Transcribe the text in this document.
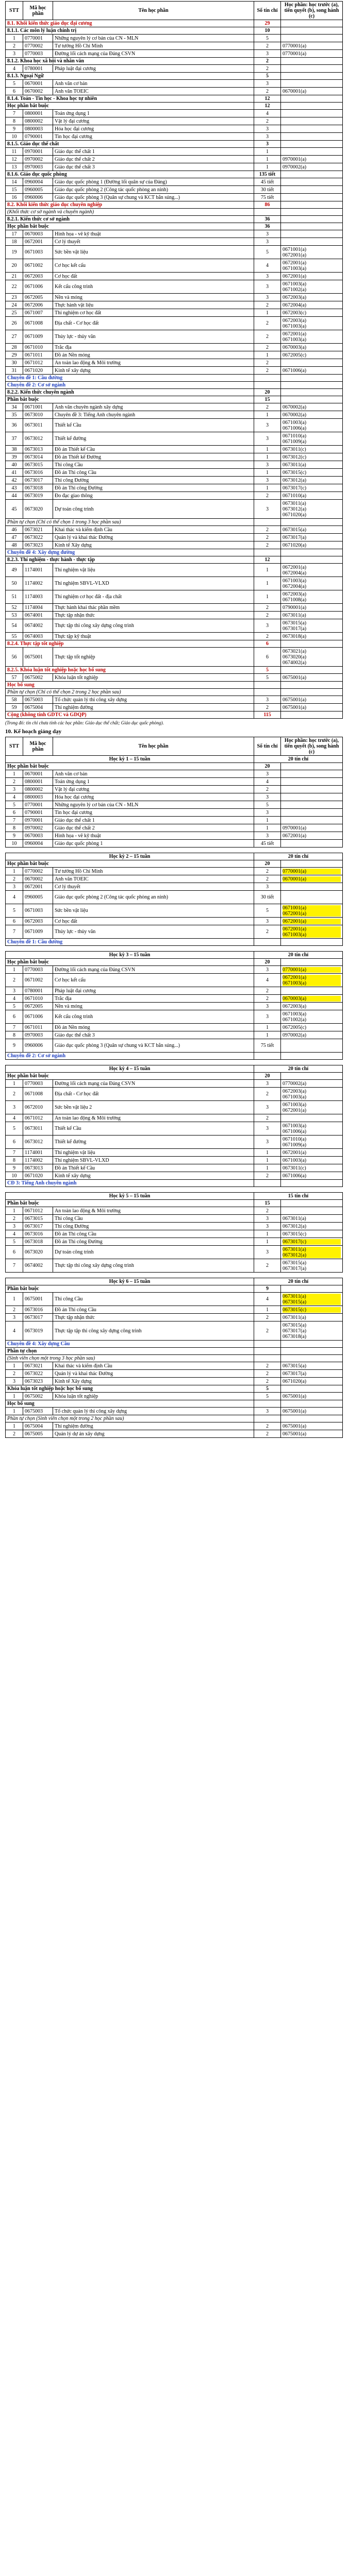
STT	Mã học phần	Tên học phần	Số tín chỉ	Học phần: học trước (a), tiên quyết (b), song hành (c)
8.1. Khối kiến thức giáo dục đại cương			29	
8.1.1. Các môn lý luận chính trị			10	
1	0770001	Những nguyên lý cơ bản của CN - MLN	5	
2	0770002	Tư tưởng Hồ Chí Minh	2	0770001(a)

3	0770003	Đường lối cách mạng của Đảng CSVN	3	0770001(a)

8.1.2. Khoa học xã hội và nhân văn			2	
4	0780001	Pháp luật đại cương	2	
8.1.3. Ngoại Ngữ			5	
5	0670001	Anh văn cơ bản	3	
6	0670002	Anh văn TOEIC	2	0670001(a)

8.1.4. Toán - Tin học - Khoa học tự nhiên			12	
Học phần bắt buộc			12	
7	0800001	Toán ứng dụng 1	4	
8	0800002	Vật lý đại cương	2	
9	0800003	Hóa học đại cương	3	
10	0790001	Tin học đại cương	3	
8.1.5. Giáo dục thể chất			3	
11	0970001	Giáo dục thể chất 1	1	
12	0970002	Giáo dục thể chất 2	1	0970001(a)

13	0970003	Giáo dục thể chất 3	1	0970002(a)

8.1.6. Giáo dục quốc phòng			135 tiết	
14	0960004	Giáo dục quốc phòng 1 (Đường lối quân sự của Đảng)	45 tiết	
15	0960005	Giáo dục quốc phòng 2 (Công tác quốc phòng an ninh)	30 tiết	
16	0960006	Giáo dục quốc phòng 3 (Quân sự chung và KCT bắn súng...)	75 tiết	
8.2. Khối kiến thức giáo dục chuyên nghiệp			86	
(Khối thức cơ sở ngành và chuyên ngành)				
8.2.1. Kiến thức cơ sở ngành			36	
Học phần bắt buộc			36	
17	0670003	Hình họa - vẽ kỹ thuật	3	
18	0672001	Cơ lý thuyết	3	
19	0671003	Sức bền vật liệu	5	0671001(a)
0672001(a)

20	0671002	Cơ học kết cấu	4	0672001(a)
0671003(a)

21	0672003	Cơ học đất	3	0672001(a)

22	0671006	Kết cấu công trình	3	0671003(a)
0671002(a)

23	0672005	Nền và móng	3	0672003(a)

24	0672006	Thực hành vật liệu	2	0672004(a)

25	0671007	Thí nghiệm cơ học đất	1	0672003(c)

26	0671008	Địa chất - Cơ học đất	2	0672003(a)
0671003(a)

27	0671009	Thủy lực - thủy văn	2	0672001(a)
0671003(a)

28	0671010	Trắc địa	2	0670003(a)

29	0671011	Đồ án Nền móng	1	0672005(c)

30	0671012	An toàn lao động & Môi trường	2	
31	0671020	Kinh tế xây dựng	2	0671006(a)

Chuyên đề 1: Cầu đường				
Chuyên đề 2: Cơ sở ngành				
8.2.2. Kiến thức chuyên ngành			20	
Phần bắt buộc			15	
34	0671001	Anh văn chuyên ngành xây dựng	2	0670002(a)

35	0673010	Chuyên đề 3: Tiếng Anh chuyên ngành	1	0670002(a)

36	0673011	Thiết kế Cầu	3	0671003(a)
0671006(a)

37	0673012	Thiết kế đường	3	0671010(a)
0671009(a)

38	0673013	Đồ án Thiết kế Cầu	1	0673011(c)

39	0673014	Đồ án Thiết kế Đường	1	0673012(c)

40	0673015	Thi công Cầu	3	0673011(a)

41	0673016	Đồ án Thi công Cầu	1	0673015(c)

42	0673017	Thi công Đường	3	0673012(a)

43	0673018	Đồ án Thi công Đường	1	0673017(c)

44	0673019	Đo đạc giao thông	2	0671010(a)

45	0673020	Dự toán công trình	3	0673011(a)
0673012(a)
0671020(a)

Phần tự chọn (Chỉ có thể chọn 1 trong 3 học phần sau)				
46	0673021	Khai thác và kiểm định Cầu	2	0673015(a)

47	0673022	Quản lý và khai thác Đường	2	0673017(a)

48	0673023	Kinh tế Xây dựng	2	0671020(a)

Chuyên đề 4: Xây dựng đường				
8.2.3. Thí nghiệm - thực hành - thực tập			12	
49	1174001	Thí nghiệm vật liệu	1	0672001(a)
0672004(a)

50	1174002	Thí nghiệm SBVL-VLXD	1	0671003(a)
0672004(a)

51	1174003	Thí nghiệm cơ học đất - địa chất	1	0672003(a)
0671008(a)

52	1174004	Thực hành khai thác phần mềm	2	0790001(a)

53	0674001	Thực tập nhận thức	2	0673011(a)

54	0674002	Thực tập thi công xây dựng công trình	3	0673015(a)
0673017(a)

55	0674003	Thực tập kỹ thuật	2	0673018(a)

8.2.4. Thực tập tốt nghiệp			6	
56	0675001	Thực tập tốt nghiệp	6	0673021(a)
0673020(a)
0674002(a)

8.2.5. Khóa luận tốt nghiệp hoặc học bổ sung			5	
57	0675002	Khóa luận tốt nghiệp	5	0675001(a)

Học bổ sung				
Phần tự chọn (Chỉ có thể chọn 2 trong 2 học phần sau)				
58	0675003	Tổ chức quản lý thi công xây dựng	3	0675001(a)

59	0675004	Thí nghiệm đường	2	0675001(a)

Cộng (không tính GDTC và GDQP)			115	
(Trong đó: tín chỉ chưa tính các học phần: Giáo dục thể chất; Giáo dục quốc phòng).
10. Kế hoạch giảng dạy
STT	Mã học phần	Tên học phần	Số tín chỉ	Học phần: học trước (a), tiên quyết (b), song hành (c)
Học kỳ 1 – 15 tuần			20 tín chỉ	
Học phần bắt buộc			20	
1	0670001	Anh văn cơ bản	3	
2	0800001	Toán ứng dụng 1	4	
3	0800002	Vật lý đại cương	2	
4	0800003	Hóa học đại cương	3	
5	0770001	Những nguyên lý cơ bản của CN - MLN	5	
6	0790001	Tin học đại cương	3	
7	0970001	Giáo dục thể chất 1	1	
8	0970002	Giáo dục thể chất 2	1	0970001(a)

9	0670003	Hình họa - vẽ kỹ thuật	3	0672001(a)

10	0960004	Giáo dục quốc phòng 1	45 tiết	

Học kỳ 2 – 15 tuần			20 tín chỉ	
Học phần bắt buộc			20	
1	0770002	Tư tưởng Hồ Chí Minh	2	0770001(a)

2	0670002	Anh văn TOEIC	2	0670001(a)

3	0672001	Cơ lý thuyết	3	
4	0960005	Giáo dục quốc phòng 2 (Công tác quốc phòng an ninh)	30 tiết	
5	0671003	Sức bền vật liệu	5	0671001(a)
0672001(a)

6	0672003	Cơ học đất	3	0672001(a)

7	0671009	Thủy lực - thủy văn	2	0672001(a)
0671003(a)

Chuyên đề 1: Cầu đường				

Học kỳ 3 – 15 tuần			20 tín chỉ	
Học phần bắt buộc			20	
1	0770003	Đường lối cách mạng của Đảng CSVN	3	0770001(a)

2	0671002	Cơ học kết cấu	4	0672001(a)
0671003(a)

3	0780001	Pháp luật đại cương	2	
4	0671010	Trắc địa	2	0670003(a)

5	0672005	Nền và móng	3	0672003(a)

6	0671006	Kết cấu công trình	3	0671003(a)
0671002(a)

7	0671011	Đồ án Nền móng	1	0672005(c)

8	0970003	Giáo dục thể chất 3	1	0970002(a)

9	0960006	Giáo dục quốc phòng 3 (Quân sự chung và KCT bắn súng...)	75 tiết	
Chuyên đề 2: Cơ sở ngành				

Học kỳ 4 – 15 tuần			20 tín chỉ	
Học phần bắt buộc			20	
1	0770003	Đường lối cách mạng của Đảng CSVN	3	0770002(a)

2	0671008	Địa chất - Cơ học đất	2	0672003(a)
0671003(a)

3	0672010	Sức bền vật liệu 2	3	0671003(a)
0672001(a)

4	0671012	An toàn lao động & Môi trường	2	
5	0673011	Thiết kế Cầu	3	0671003(a)
0671006(a)

6	0673012	Thiết kế đường	3	0671010(a)
0671009(a)

7	1174001	Thí nghiệm vật liệu	1	0672001(a)

8	1174002	Thí nghiệm SBVL-VLXD	1	0671003(a)

9	0673013	Đồ án Thiết kế Cầu	1	0673011(c)

10	0671020	Kinh tế xây dựng	2	0671006(a)

CĐ 3: Tiếng Anh chuyên ngành				

Học kỳ 5 – 15 tuần			15 tín chỉ	
Phần bắt buộc			15	
1	0671012	An toàn lao động & Môi trường	2	
2	0673015	Thi công Cầu	3	0673011(a)

3	0673017	Thi công Đường	3	0673012(a)

4	0673016	Đồ án Thi công Cầu	1	0673015(c)

5	0673018	Đồ án Thi công Đường	1	0673017(c)

6	0673020	Dự toán công trình	3	0673011(a)
0673012(a)

7	0674002	Thực tập thi công xây dựng công trình	2	0673015(a)
0673017(a)

Học kỳ 6 – 15 tuần			20 tín chỉ	
Phần bắt buộc			9	
1	0675001	Thi công Cầu	4	0673011(a)
0673015(a)

2	0673016	Đồ án Thi công Cầu	1	0673015(c)

3	0673017	Thực tập nhận thức	2	0673011(a)

4	0673019	Thực tập tập thi công xây dựng công trình	2	0673015(a)
0673017(a)
0673018(a)

Chuyên đề 4: Xây dựng Cầu				
Phần tự chọn				
(Sinh viên chọn một trong 3 học phần sau)				
1	0673021	Khai thác và kiểm định Cầu	2	0673015(a)

2	0673022	Quản lý và khai thác Đường	2	0673017(a)

3	0673023	Kinh tế Xây dựng	2	0671020(a)

Khóa luận tốt nghiệp hoặc học bổ sung			5	
1	0675002	Khóa luận tốt nghiệp	5	0675001(a)

Học bổ sung				
1	0675003	Tổ chức quản lý thi công xây dựng	3	0675001(a)

Phần tự chọn (Sinh viên chọn một trong 2 học phần sau)				
1	0675004	Thí nghiệm đường	2	0675001(a)

2	0675005	Quản lý dự án xây dựng	2	0675001(a)
